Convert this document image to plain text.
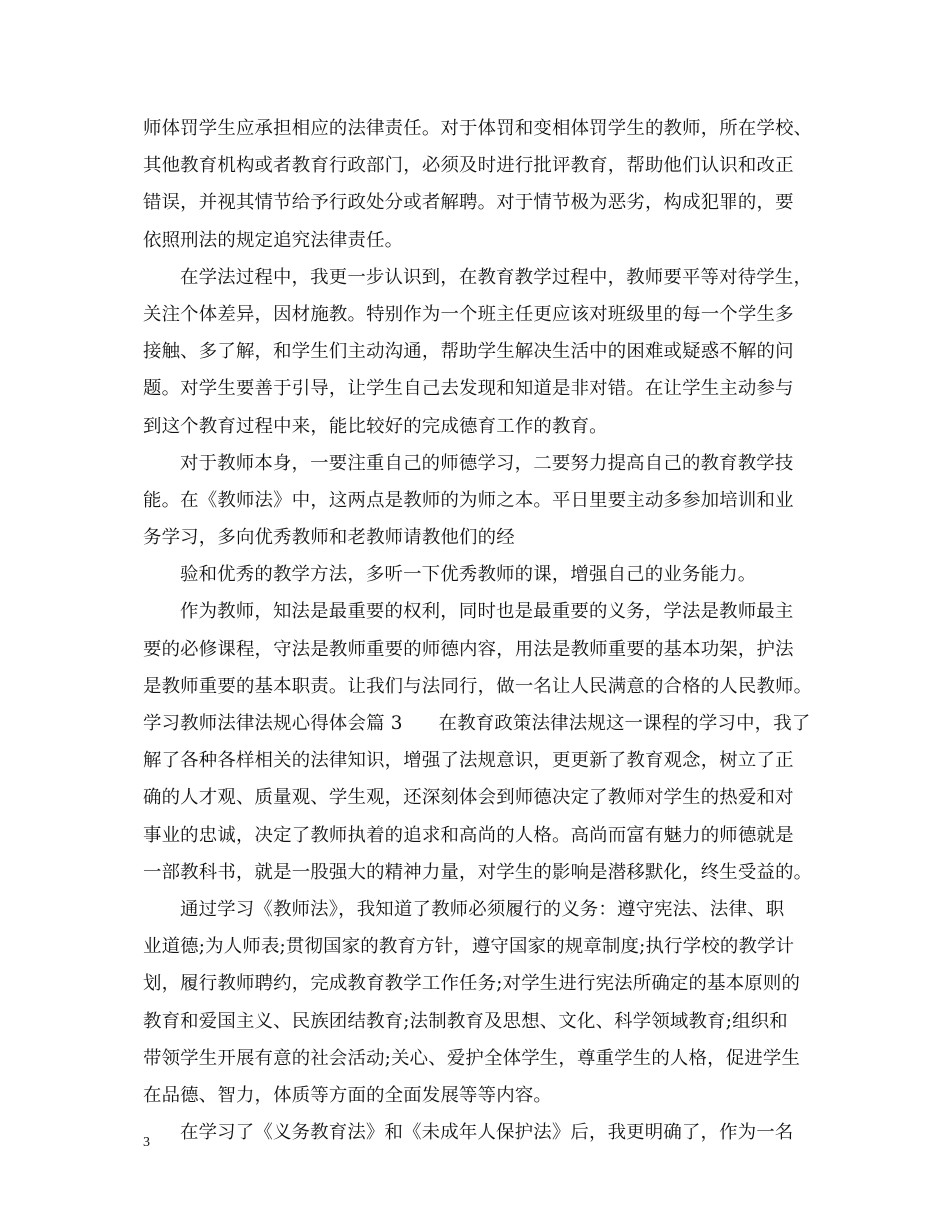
师体罚学生应承担相应的法律责任。对于体罚和变相体罚学生的教师，所在学校、
其他教育机构或者教育行政部门，必须及时进行批评教育，帮助他们认识和改正
错误，并视其情节给予行政处分或者解聘。对于情节极为恶劣，构成犯罪的，要
依照刑法的规定追究法律责任。
在学法过程中，我更一步认识到，在教育教学过程中，教师要平等对待学生，
关注个体差异，因材施教。特别作为一个班主任更应该对班级里的每一个学生多
接触、多了解，和学生们主动沟通，帮助学生解决生活中的困难或疑惑不解的问
题。对学生要善于引导，让学生自己去发现和知道是非对错。在让学生主动参与
到这个教育过程中来，能比较好的完成德育工作的教育。
对于教师本身，一要注重自己的师德学习，二要努力提高自己的教育教学技
能。在《教师法》中，这两点是教师的为师之本。平日里要主动多参加培训和业
务学习，多向优秀教师和老教师请教他们的经
验和优秀的教学方法，多听一下优秀教师的课，增强自己的业务能力。
作为教师，知法是最重要的权利，同时也是最重要的义务，学法是教师最主
要的必修课程，守法是教师重要的师德内容，用法是教师重要的基本功架，护法
是教师重要的基本职责。让我们与法同行，做一名让人民满意的合格的人民教师。
学习教师法律法规心得体会篇 3 在教育政策法律法规这一课程的学习中，我了
解了各种各样相关的法律知识，增强了法规意识，更更新了教育观念，树立了正
确的人才观、质量观、学生观，还深刻体会到师德决定了教师对学生的热爱和对
事业的忠诚，决定了教师执着的追求和高尚的人格。高尚而富有魅力的师德就是
一部教科书，就是一股强大的精神力量，对学生的影响是潜移默化，终生受益的。
通过学习《教师法》，我知道了教师必须履行的义务：遵守宪法、法律、职
业道德;为人师表;贯彻国家的教育方针，遵守国家的规章制度;执行学校的教学计
划，履行教师聘约，完成教育教学工作任务;对学生进行宪法所确定的基本原则的
教育和爱国主义、民族团结教育;法制教育及思想、文化、科学领域教育;组织和
带领学生开展有意的社会活动;关心、爱护全体学生，尊重学生的人格，促进学生
在品德、智力，体质等方面的全面发展等等内容。
在学习了《义务教育法》和《未成年人保护法》后，我更明确了，作为一名
3
